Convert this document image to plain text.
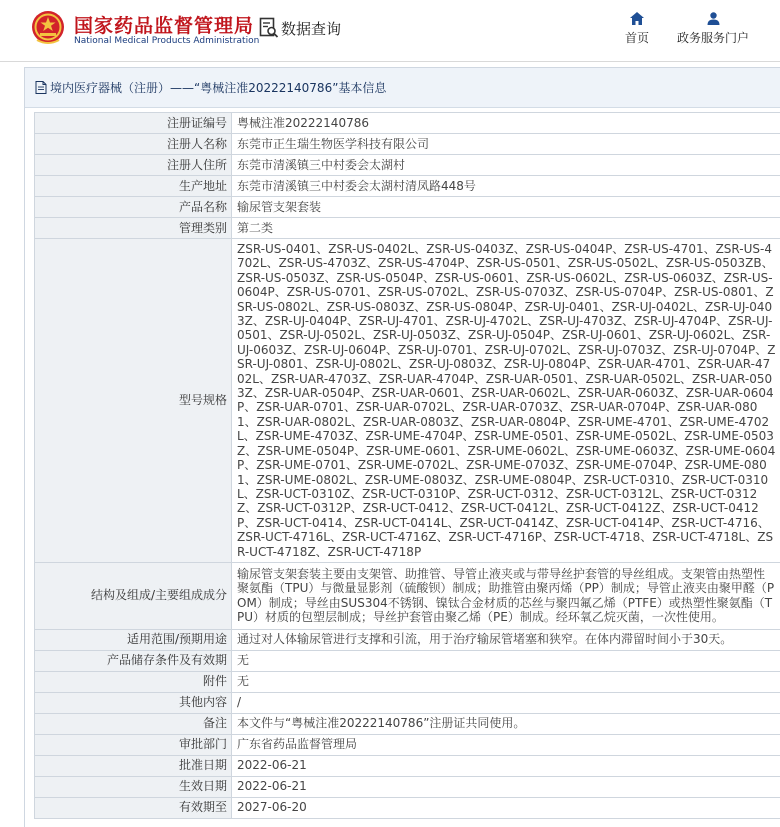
国家药品监督管理局
National Medical Products Administration
数据查询
首页	政务服务门户
境内医疗器械（注册）——“粤械注准20222140786”基本信息
注册证编号	粤械注准20222140786
注册人名称	东莞市正生瑞生物医学科技有限公司
注册人住所	东莞市清溪镇三中村委会太湖村
生产地址	东莞市清溪镇三中村委会太湖村清凤路448号
产品名称	输尿管支架套装
管理类别	第二类
型号规格	ZSR-US-0401、ZSR-US-0402L、ZSR-US-0403Z、ZSR-US-0404P、ZSR-US-4701、ZSR-US-4702L、ZSR-US-4703Z、ZSR-US-4704P、ZSR-US-0501、ZSR-US-0502L、ZSR-US-0503ZB、ZSR-US-0503Z、ZSR-US-0504P、ZSR-US-0601、ZSR-US-0602L、ZSR-US-0603Z、ZSR-US-0604P、ZSR-US-0701、ZSR-US-0702L、ZSR-US-0703Z、ZSR-US-0704P、ZSR-US-0801、ZSR-US-0802L、ZSR-US-0803Z、ZSR-US-0804P、ZSR-UJ-0401、ZSR-UJ-0402L、ZSR-UJ-0403Z、ZSR-UJ-0404P、ZSR-UJ-4701、ZSR-UJ-4702L、ZSR-UJ-4703Z、ZSR-UJ-4704P、ZSR-UJ-0501、ZSR-UJ-0502L、ZSR-UJ-0503Z、ZSR-UJ-0504P、ZSR-UJ-0601、ZSR-UJ-0602L、ZSR-UJ-0603Z、ZSR-UJ-0604P、ZSR-UJ-0701、ZSR-UJ-0702L、ZSR-UJ-0703Z、ZSR-UJ-0704P、ZSR-UJ-0801、ZSR-UJ-0802L、ZSR-UJ-0803Z、ZSR-UJ-0804P、ZSR-UAR-4701、ZSR-UAR-4702L、ZSR-UAR-4703Z、ZSR-UAR-4704P、ZSR-UAR-0501、ZSR-UAR-0502L、ZSR-UAR-0503Z、ZSR-UAR-0504P、ZSR-UAR-0601、ZSR-UAR-0602L、ZSR-UAR-0603Z、ZSR-UAR-0604P、ZSR-UAR-0701、ZSR-UAR-0702L、ZSR-UAR-0703Z、ZSR-UAR-0704P、ZSR-UAR-0801、ZSR-UAR-0802L、ZSR-UAR-0803Z、ZSR-UAR-0804P、ZSR-UME-4701、ZSR-UME-4702L、ZSR-UME-4703Z、ZSR-UME-4704P、ZSR-UME-0501、ZSR-UME-0502L、ZSR-UME-0503Z、ZSR-UME-0504P、ZSR-UME-0601、ZSR-UME-0602L、ZSR-UME-0603Z、ZSR-UME-0604P、ZSR-UME-0701、ZSR-UME-0702L、ZSR-UME-0703Z、ZSR-UME-0704P、ZSR-UME-0801、ZSR-UME-0802L、ZSR-UME-0803Z、ZSR-UME-0804P、ZSR-UCT-0310、ZSR-UCT-0310L、ZSR-UCT-0310Z、ZSR-UCT-0310P、ZSR-UCT-0312、ZSR-UCT-0312L、ZSR-UCT-0312Z、ZSR-UCT-0312P、ZSR-UCT-0412、ZSR-UCT-0412L、ZSR-UCT-0412Z、ZSR-UCT-0412P、ZSR-UCT-0414、ZSR-UCT-0414L、ZSR-UCT-0414Z、ZSR-UCT-0414P、ZSR-UCT-4716、ZSR-UCT-4716L、ZSR-UCT-4716Z、ZSR-UCT-4716P、ZSR-UCT-4718、ZSR-UCT-4718L、ZSR-UCT-4718Z、ZSR-UCT-4718P
结构及组成/主要组成成分	输尿管支架套装主要由支架管、助推管、导管止液夹或与带导丝护套管的导丝组成。支架管由热塑性聚氨酯（TPU）与微量显影剂（硫酸钡）制成；助推管由聚丙烯（PP）制成；导管止液夹由聚甲醛（POM）制成；导丝由SUS304不锈钢、镍钛合金材质的芯丝与聚四氟乙烯（PTFE）或热塑性聚氨酯（TPU）材质的包塑层制成；导丝护套管由聚乙烯（PE）制成。经环氧乙烷灭菌，一次性使用。
适用范围/预期用途	通过对人体输尿管进行支撑和引流，用于治疗输尿管堵塞和狭窄。在体内滞留时间小于30天。
产品储存条件及有效期	无
附件	无
其他内容	/
备注	本文件与“粤械注准20222140786”注册证共同使用。
审批部门	广东省药品监督管理局
批准日期	2022-06-21
生效日期	2022-06-21
有效期至	2027-06-20
